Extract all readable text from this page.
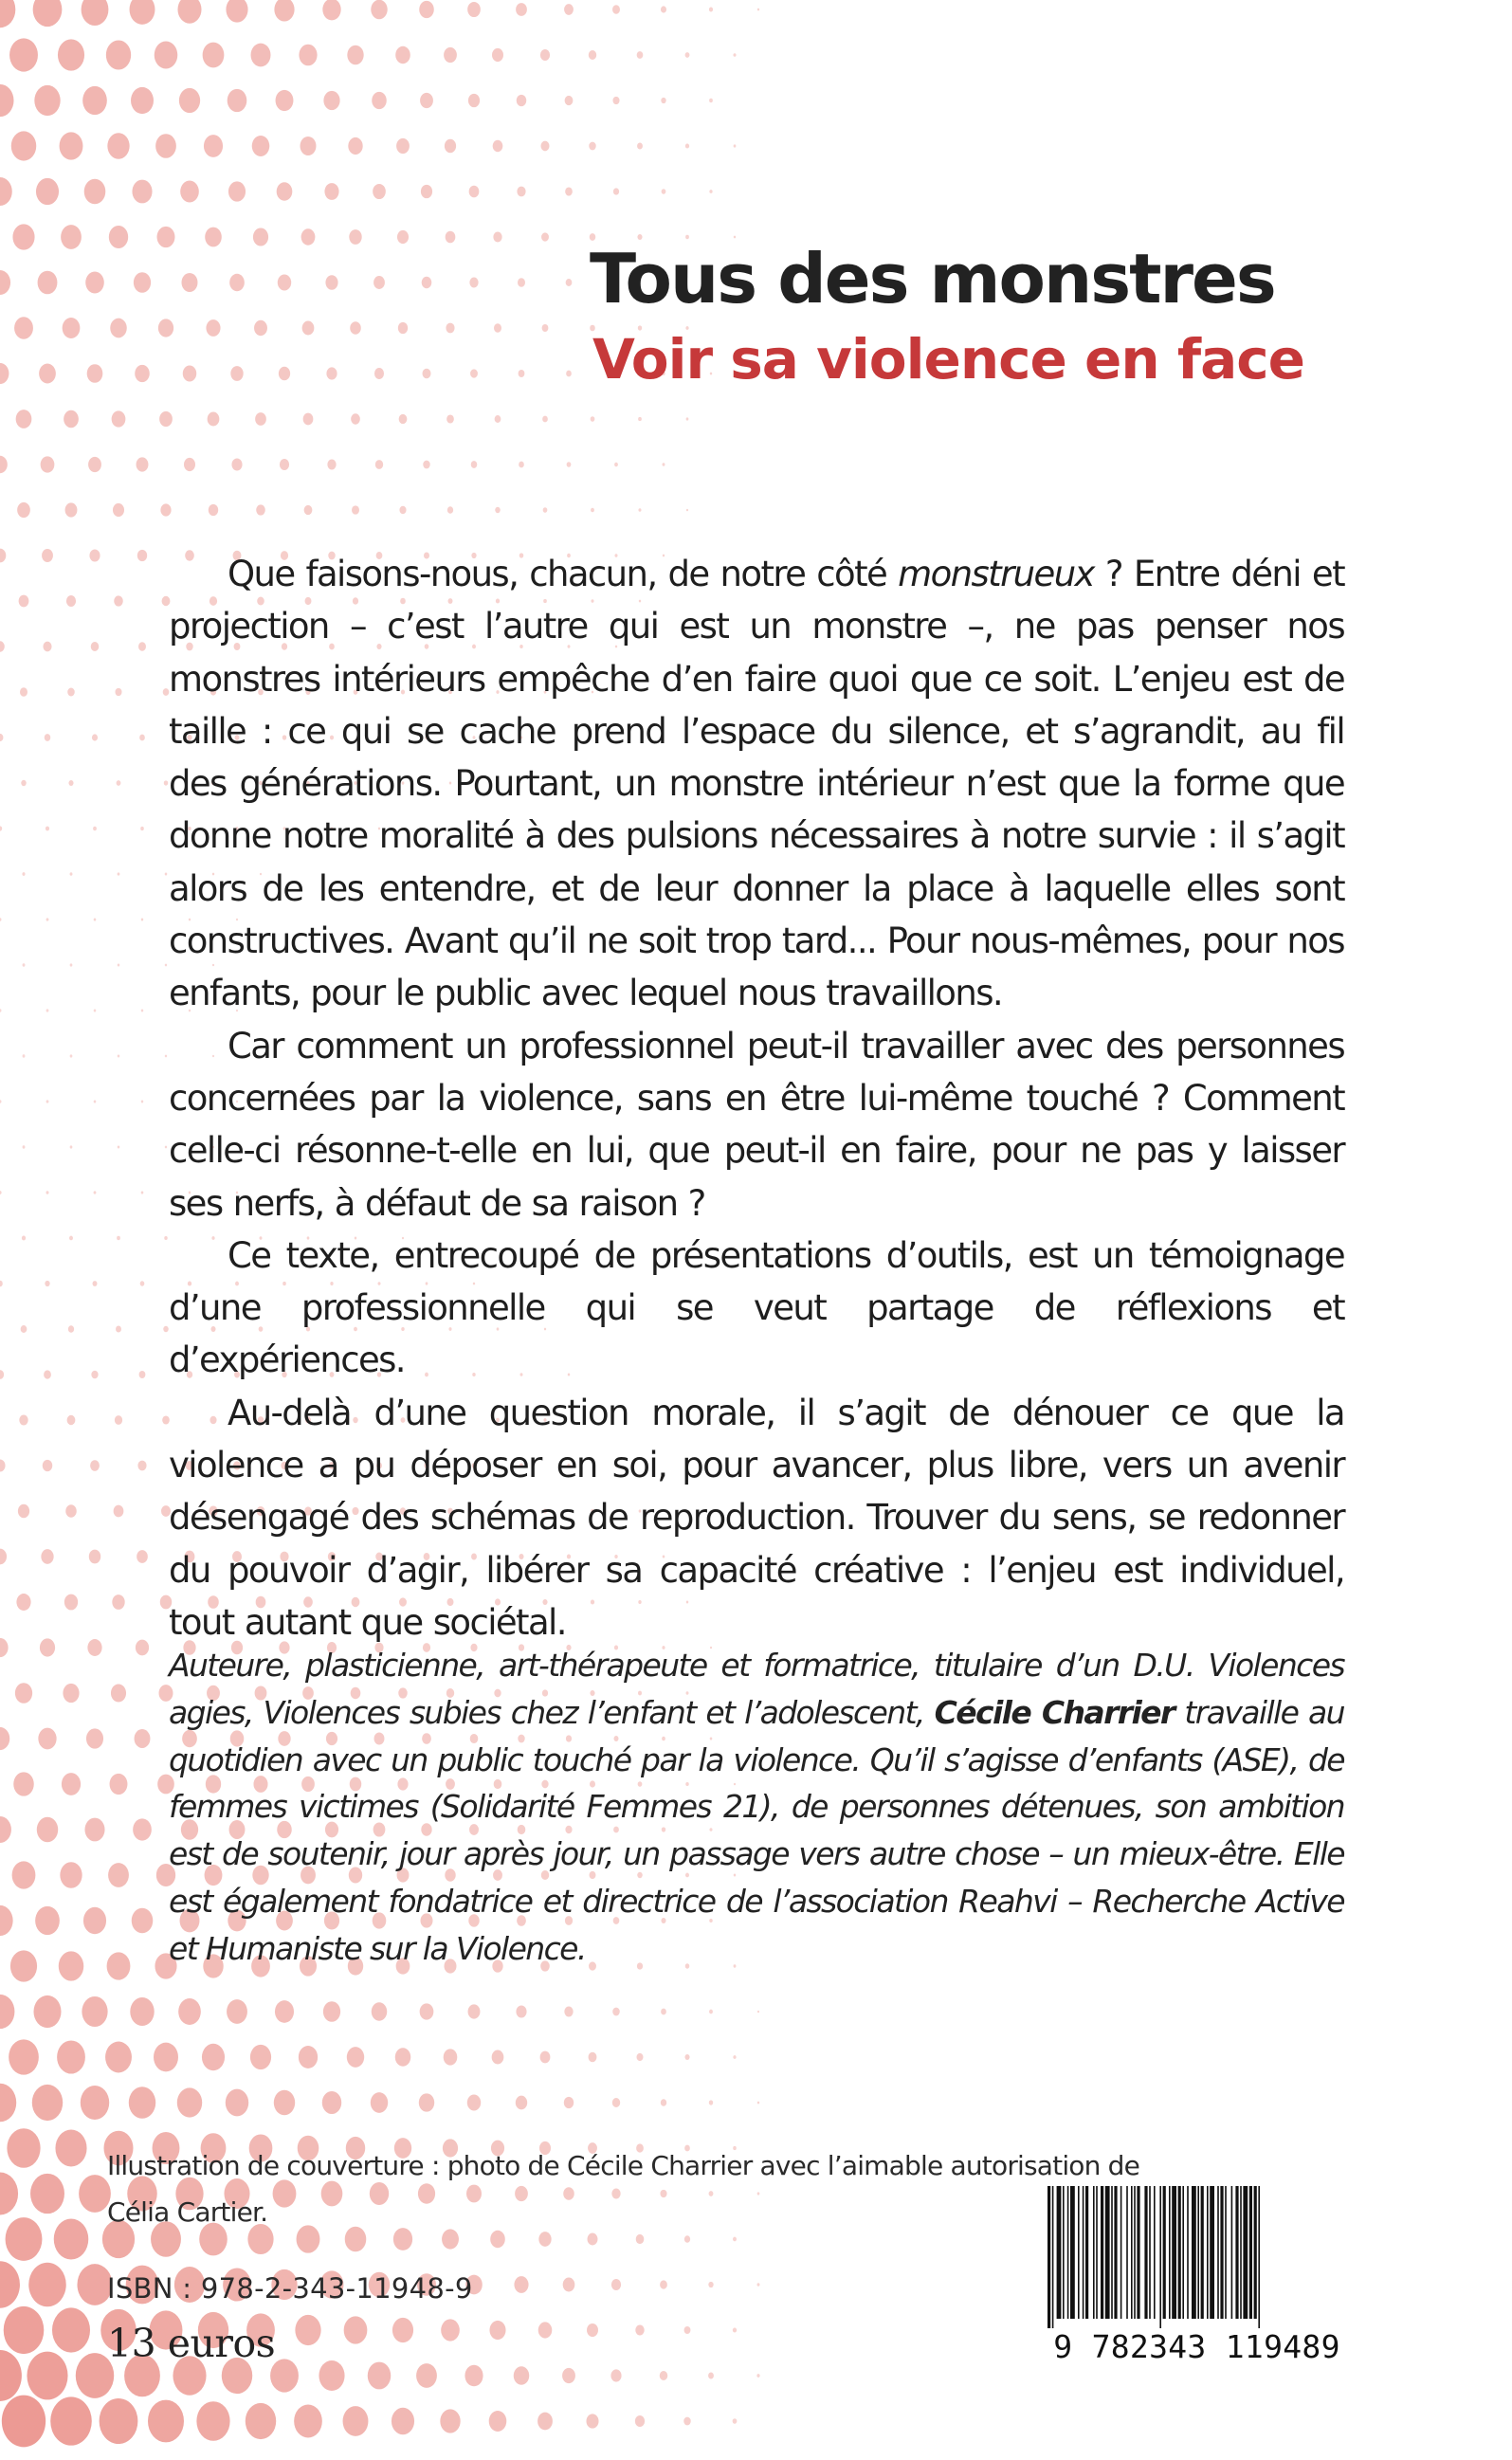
Tous des monstres
Voir sa violence en face

Que faisons-nous, chacun, de notre côté monstrueux ? Entre déni et projection – c’est l’autre qui est un monstre –, ne pas penser nos monstres intérieurs empêche d’en faire quoi que ce soit. L’enjeu est de taille : ce qui se cache prend l’espace du silence, et s’agrandit, au fil des générations. Pourtant, un monstre intérieur n’est que la forme que donne notre moralité à des pulsions nécessaires à notre survie : il s’agit alors de les entendre, et de leur donner la place à laquelle elles sont constructives. Avant qu’il ne soit trop tard... Pour nous-mêmes, pour nos enfants, pour le public avec lequel nous travaillons.

Car comment un professionnel peut-il travailler avec des personnes concernées par la violence, sans en être lui-même touché ? Comment celle-ci résonne-t-elle en lui, que peut-il en faire, pour ne pas y laisser ses nerfs, à défaut de sa raison ?

Ce texte, entrecoupé de présentations d’outils, est un témoignage d’une professionnelle qui se veut partage de réflexions et d’expériences.

Au-delà d’une question morale, il s’agit de dénouer ce que la violence a pu déposer en soi, pour avancer, plus libre, vers un avenir désengagé des schémas de reproduction. Trouver du sens, se redonner du pouvoir d’agir, libérer sa capacité créative : l’enjeu est individuel, tout autant que sociétal.

Auteure, plasticienne, art-thérapeute et formatrice, titulaire d’un D.U. Violences agies, Violences subies chez l’enfant et l’adolescent, Cécile Charrier travaille au quotidien avec un public touché par la violence. Qu’il s’agisse d’enfants (ASE), de femmes victimes (Solidarité Femmes 21), de personnes détenues, son ambition est de soutenir, jour après jour, un passage vers autre chose – un mieux-être. Elle est également fondatrice et directrice de l’association Reahvi – Recherche Active et Humaniste sur la Violence.

Illustration de couverture : photo de Cécile Charrier avec l’aimable autorisation de
Célia Cartier.
ISBN : 978-2-343-11948-9
13 euros	9 782343 119489
